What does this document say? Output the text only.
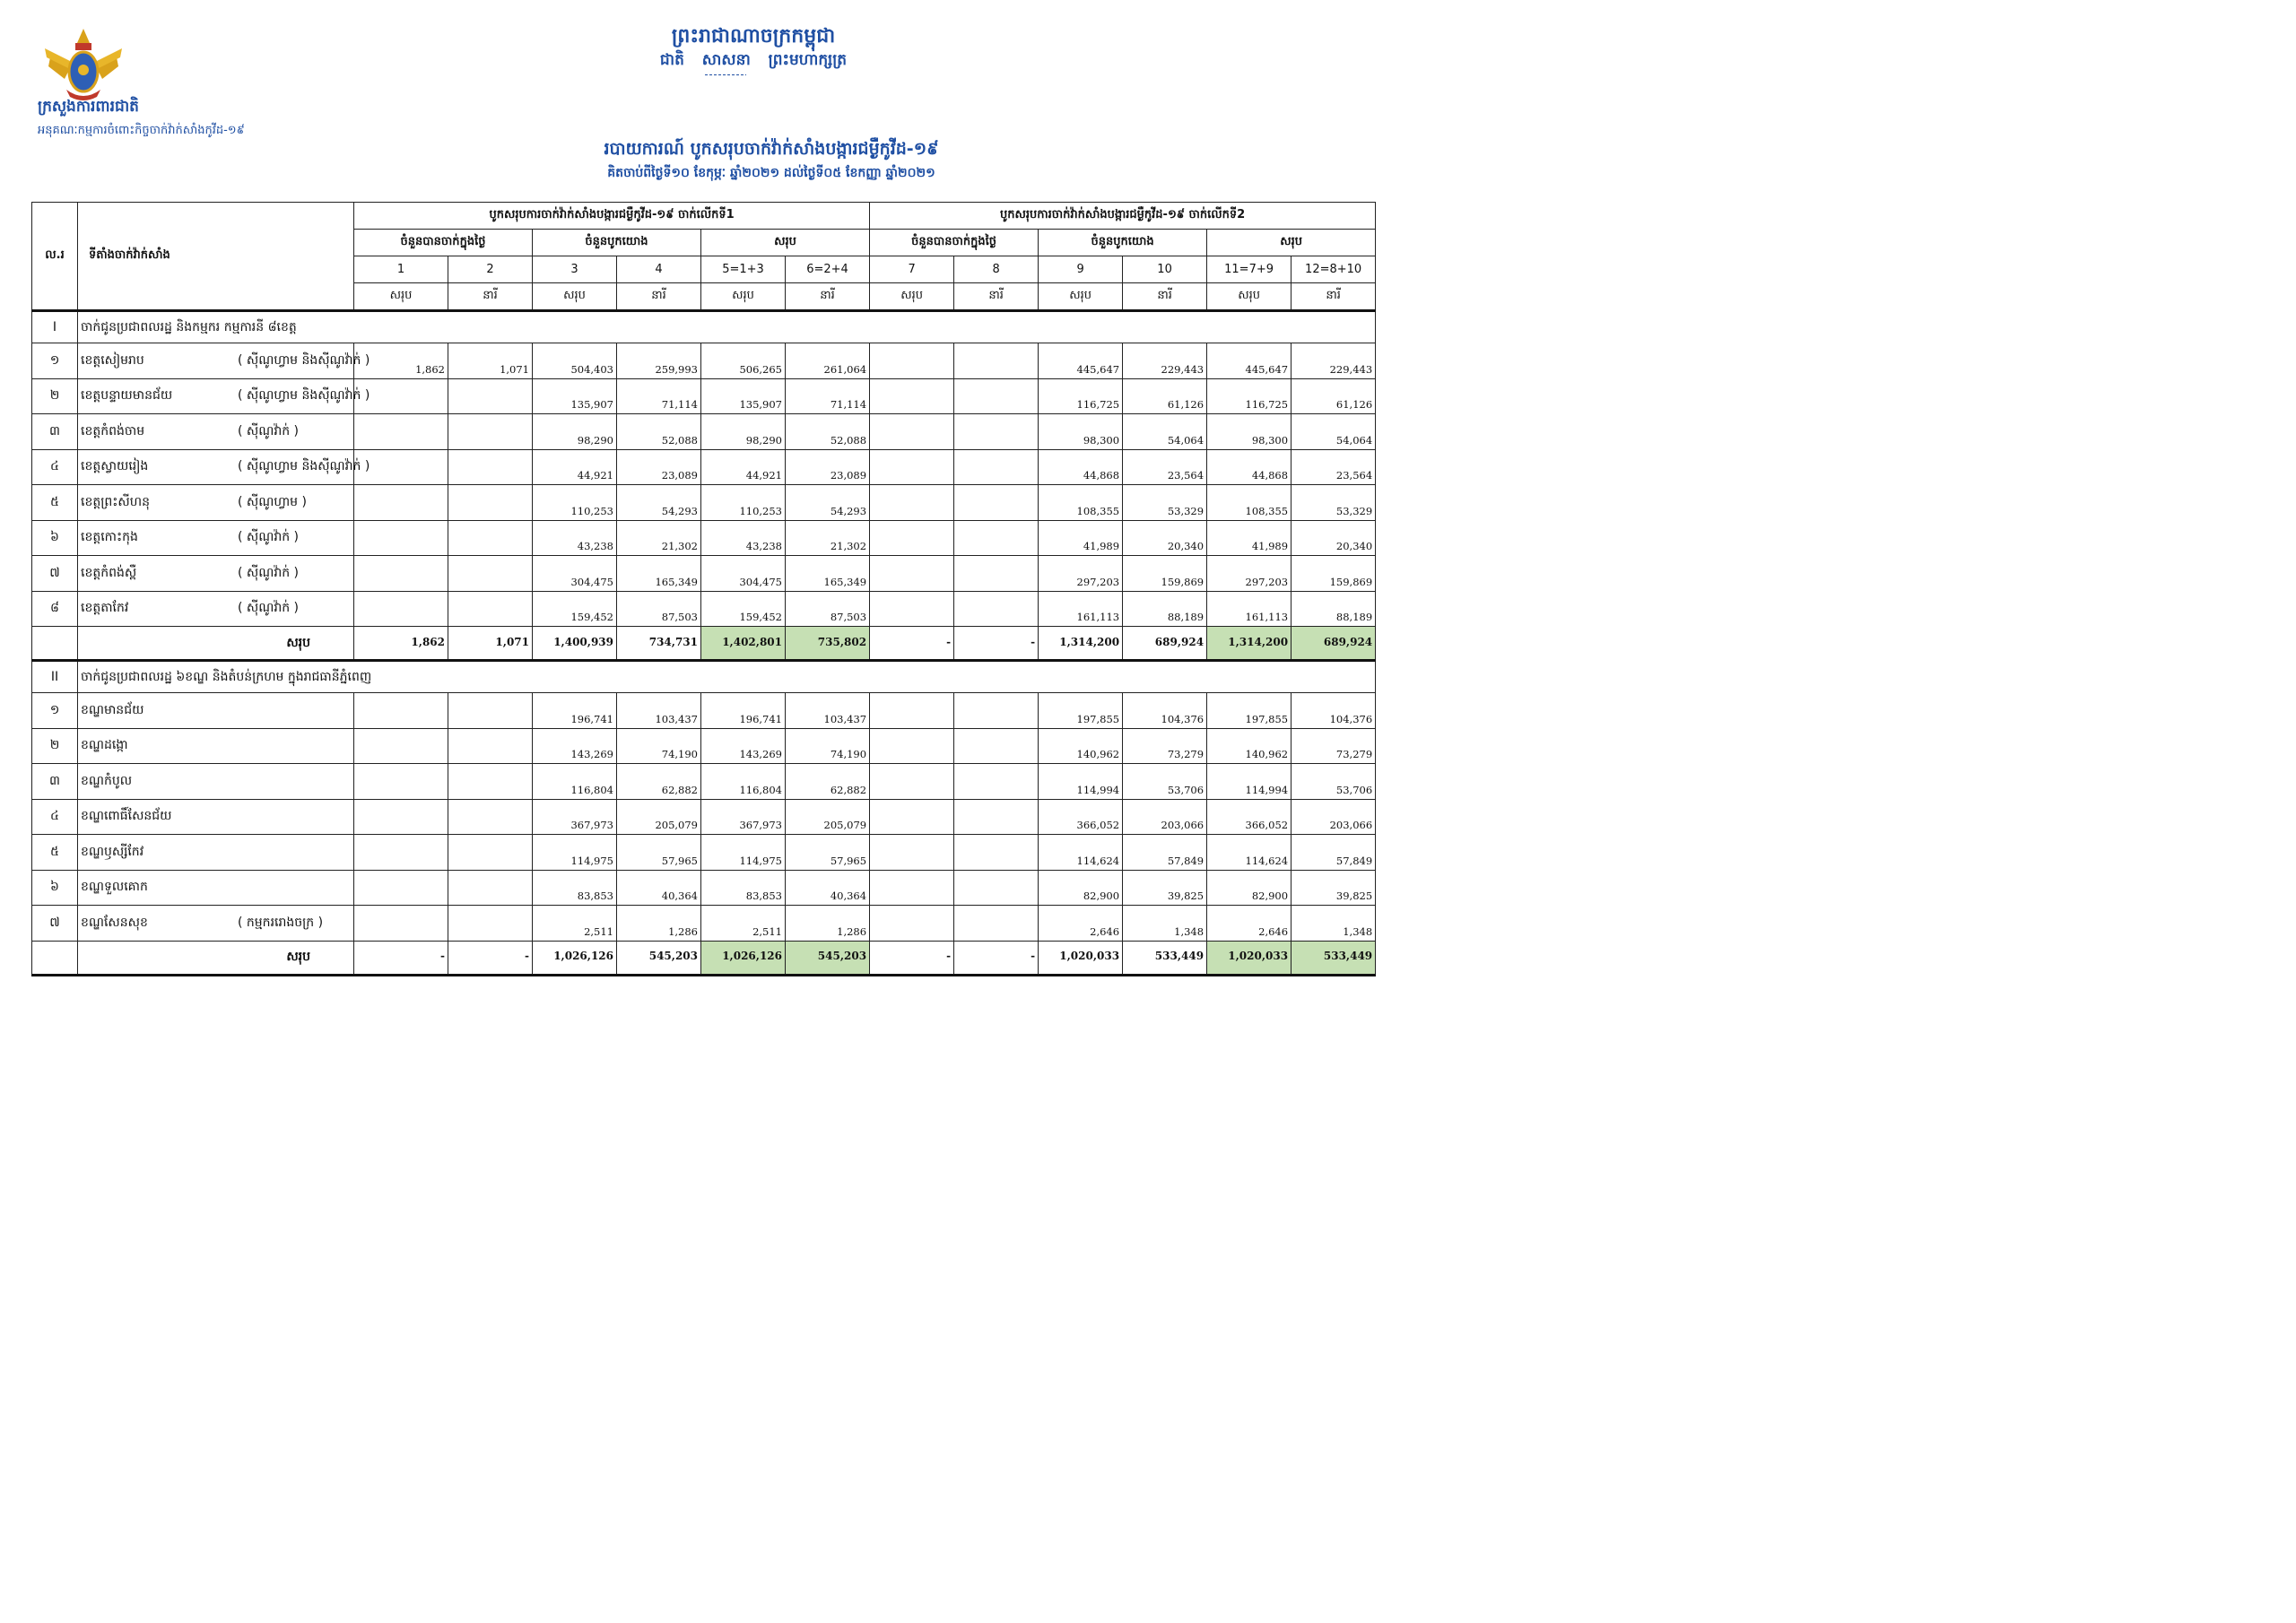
ក្រសួងការពារជាតិ
អនុគណៈកម្មការចំពោះកិច្ចចាក់វ៉ាក់សាំងកូវីដ-១៩
ព្រះរាជាណាចក្រកម្ពុជា
ជាតិ សាសនា ព្រះមហាក្សត្រ
របាយការណ៍ បូកសរុបចាក់វ៉ាក់សាំងបង្ការជម្ងឺកូវីដ-១៩
គិតចាប់ពីថ្ងៃទី១០ ខែកុម្ភៈ ឆ្នាំ២០២១ ដល់ថ្ងៃទី០៥ ខែកញ្ញា ឆ្នាំ២០២១
ល.រ	ទីតាំងចាក់វ៉ាក់សាំង	បូកសរុបការចាក់វ៉ាក់សាំងបង្ការជម្ងឺកូវីដ-១៩ ចាក់លើកទី1						បូកសរុបការចាក់វ៉ាក់សាំងបង្ការជម្ងឺកូវីដ-១៩ ចាក់លើកទី2					
		ចំនួនបានចាក់ក្នុងថ្ងៃ		ចំនួនបូកយោង		សរុប		ចំនួនបានចាក់ក្នុងថ្ងៃ		ចំនួនបូកយោង		សរុប	
		1	2	3	4	5=1+3	6=2+4	7	8	9	10	11=7+9	12=8+10
		សរុប	នារី	សរុប	នារី	សរុប	នារី	សរុប	នារី	សរុប	នារី	សរុប	នារី
I	ចាក់ជូនប្រជាពលរដ្ឋ និងកម្មករ កម្មការនី ៨ខេត្ត												
១	ខេត្តសៀមរាប ( ស៊ីណូហ្វាម និងស៊ីណូវ៉ាក់ )	1,862	1,071	504,403	259,993	506,265	261,064			445,647	229,443	445,647	229,443
២	ខេត្តបន្ទាយមានជ័យ ( ស៊ីណូហ្វាម និងស៊ីណូវ៉ាក់ )			135,907	71,114	135,907	71,114			116,725	61,126	116,725	61,126
៣	ខេត្តកំពង់ចាម ( ស៊ីណូវ៉ាក់ )			98,290	52,088	98,290	52,088			98,300	54,064	98,300	54,064
៤	ខេត្តស្វាយរៀង ( ស៊ីណូហ្វាម និងស៊ីណូវ៉ាក់ )			44,921	23,089	44,921	23,089			44,868	23,564	44,868	23,564
៥	ខេត្តព្រះសីហនុ ( ស៊ីណូហ្វាម )			110,253	54,293	110,253	54,293			108,355	53,329	108,355	53,329
៦	ខេត្តកោះកុង ( ស៊ីណូវ៉ាក់ )			43,238	21,302	43,238	21,302			41,989	20,340	41,989	20,340
៧	ខេត្តកំពង់ស្ពឺ ( ស៊ីណូវ៉ាក់ )			304,475	165,349	304,475	165,349			297,203	159,869	297,203	159,869
៨	ខេត្តតាកែវ ( ស៊ីណូវ៉ាក់ )			159,452	87,503	159,452	87,503			161,113	88,189	161,113	88,189
	សរុប	1,862	1,071	1,400,939	734,731	1,402,801	735,802	-	-	1,314,200	689,924	1,314,200	689,924
II	ចាក់ជូនប្រជាពលរដ្ឋ ៦ខណ្ឌ និងតំបន់ក្រហម ក្នុងរាជធានីភ្នំពេញ												
១	ខណ្ឌមានជ័យ			196,741	103,437	196,741	103,437			197,855	104,376	197,855	104,376
២	ខណ្ឌដង្កោ			143,269	74,190	143,269	74,190			140,962	73,279	140,962	73,279
៣	ខណ្ឌកំបូល			116,804	62,882	116,804	62,882			114,994	53,706	114,994	53,706
៤	ខណ្ឌពោធិ៍សែនជ័យ			367,973	205,079	367,973	205,079			366,052	203,066	366,052	203,066
៥	ខណ្ឌឫស្សីកែវ			114,975	57,965	114,975	57,965			114,624	57,849	114,624	57,849
៦	ខណ្ឌទួលគោក			83,853	40,364	83,853	40,364			82,900	39,825	82,900	39,825
៧	ខណ្ឌសែនសុខ ( កម្មកររោងចក្រ )			2,511	1,286	2,511	1,286			2,646	1,348	2,646	1,348
	សរុប	-	-	1,026,126	545,203	1,026,126	545,203	-	-	1,020,033	533,449	1,020,033	533,449
